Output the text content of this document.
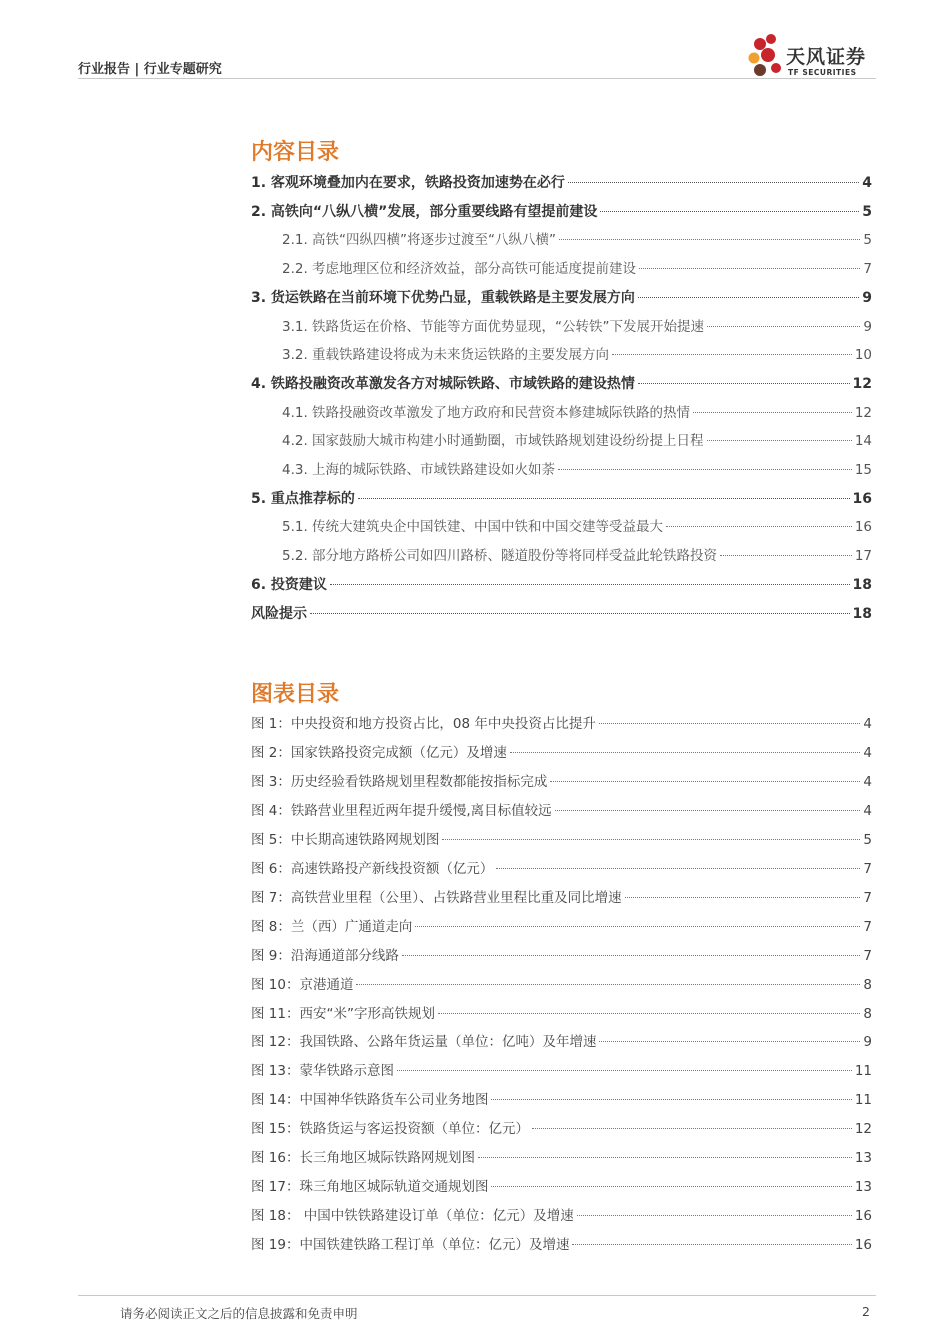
行业报告 | 行业专题研究
天风证券
TF SECURITIES
内容目录
1. 客观环境叠加内在要求，铁路投资加速势在必行	4
2. 高铁向“八纵八横”发展，部分重要线路有望提前建设	5
2.1. 高铁“四纵四横”将逐步过渡至“八纵八横”	5
2.2. 考虑地理区位和经济效益，部分高铁可能适度提前建设	7
3. 货运铁路在当前环境下优势凸显，重载铁路是主要发展方向	9
3.1. 铁路货运在价格、节能等方面优势显现，“公转铁”下发展开始提速	9
3.2. 重载铁路建设将成为未来货运铁路的主要发展方向	10
4. 铁路投融资改革激发各方对城际铁路、市域铁路的建设热情	12
4.1. 铁路投融资改革激发了地方政府和民营资本修建城际铁路的热情	12
4.2. 国家鼓励大城市构建小时通勤圈，市域铁路规划建设纷纷提上日程	14
4.3. 上海的城际铁路、市域铁路建设如火如荼	15
5. 重点推荐标的	16
5.1. 传统大建筑央企中国铁建、中国中铁和中国交建等受益最大	16
5.2. 部分地方路桥公司如四川路桥、隧道股份等将同样受益此轮铁路投资	17
6. 投资建议	18
风险提示	18
图表目录
图 1：中央投资和地方投资占比，08 年中央投资占比提升	4
图 2：国家铁路投资完成额（亿元）及增速	4
图 3：历史经验看铁路规划里程数都能按指标完成	4
图 4：铁路营业里程近两年提升缓慢,离目标值较远	4
图 5：中长期高速铁路网规划图	5
图 6：高速铁路投产新线投资额（亿元）	7
图 7：高铁营业里程（公里）、占铁路营业里程比重及同比增速	7
图 8：兰（西）广通道走向	7
图 9：沿海通道部分线路	7
图 10：京港通道	8
图 11：西安“米”字形高铁规划	8
图 12：我国铁路、公路年货运量（单位：亿吨）及年增速	9
图 13：蒙华铁路示意图	11
图 14：中国神华铁路货车公司业务地图	11
图 15：铁路货运与客运投资额（单位：亿元）	12
图 16：长三角地区城际铁路网规划图	13
图 17：珠三角地区城际轨道交通规划图	13
图 18： 中国中铁铁路建设订单（单位：亿元）及增速	16
图 19：中国铁建铁路工程订单（单位：亿元）及增速	16
请务必阅读正文之后的信息披露和免责申明	2
